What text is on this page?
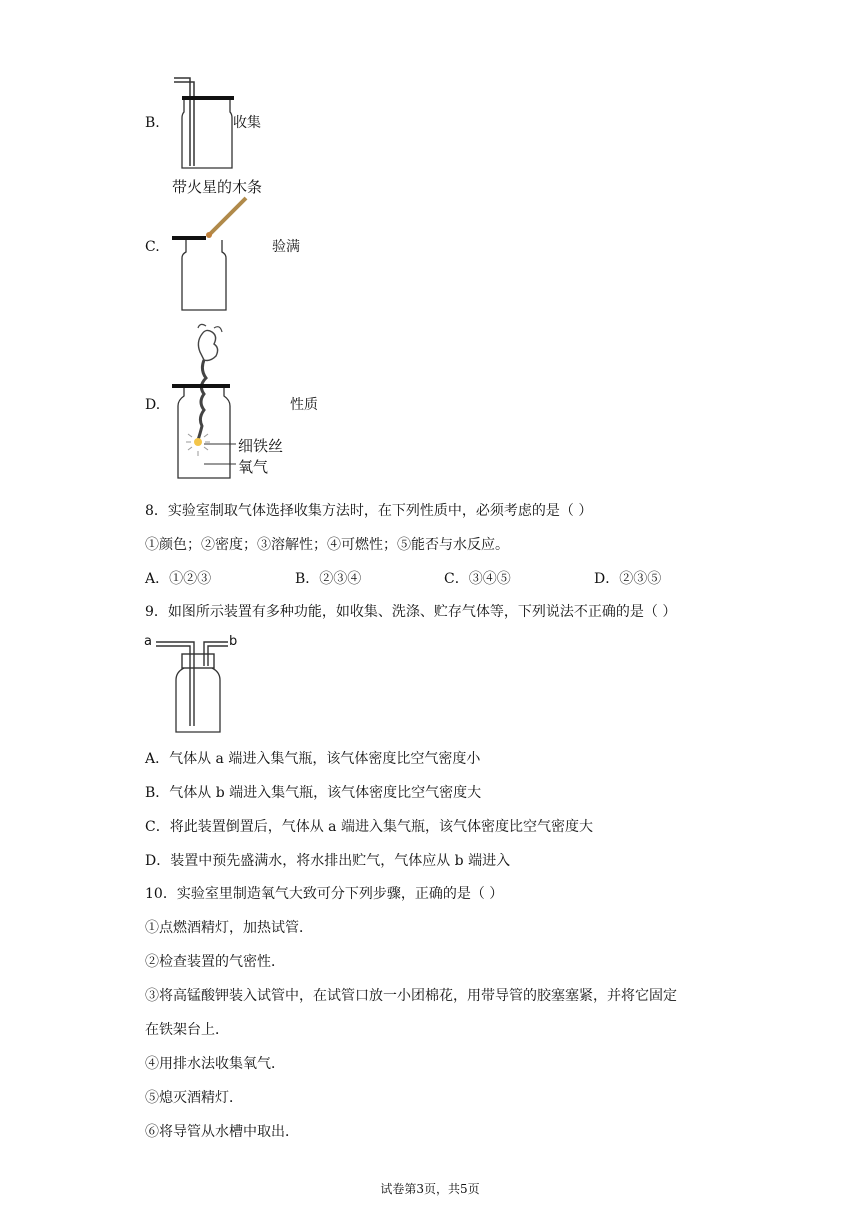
B.	收集
带火星的木条
C.	验满
D.
细铁丝
氧气
性质
8．实验室制取气体选择收集方法时，在下列性质中，必须考虑的是（ ）
①颜色；②密度；③溶解性；④可燃性；⑤能否与水反应。
A．①②③	B．②③④	C．③④⑤	D．②③⑤
9．如图所示装置有多种功能，如收集、洗涤、贮存气体等，下列说法不正确的是（ ）
a	b
A．气体从 a 端进入集气瓶，该气体密度比空气密度小
B．气体从 b 端进入集气瓶，该气体密度比空气密度大
C．将此装置倒置后，气体从 a 端进入集气瓶，该气体密度比空气密度大
D．装置中预先盛满水，将水排出贮气，气体应从 b 端进入
10．实验室里制造氧气大致可分下列步骤，正确的是（ ）
①点燃酒精灯，加热试管．
②检查装置的气密性．
③将高锰酸钾装入试管中，在试管口放一小团棉花，用带导管的胶塞塞紧，并将它固定
在铁架台上．
④用排水法收集氧气．
⑤熄灭酒精灯．
⑥将导管从水槽中取出．
试卷第3页，共5页
